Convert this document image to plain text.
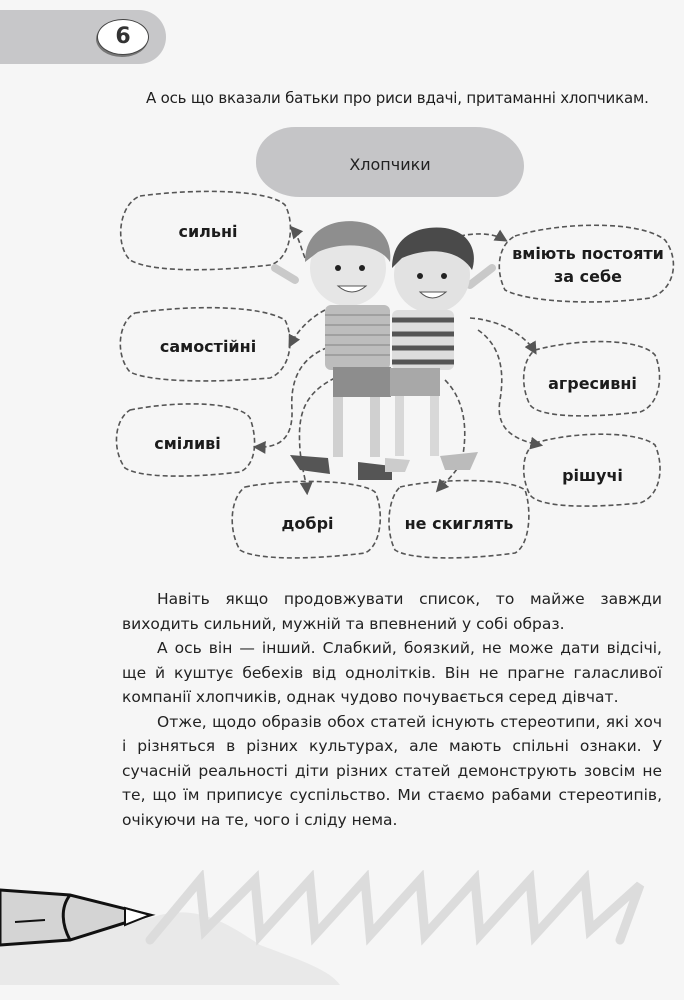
6
А ось що вказали батьки про риси вдачі, притаманні хлопчикам.
Хлопчики
сильні
вміють постояти за себе
самостійні
агресивні
сміливі
рішучі
добрі	не скиглять

Навіть якщо продовжувати список, то майже завжди виходить сильний, мужній та впевнений у собі образ.

А ось він — інший. Слабкий, боязкий, не може дати відсічі, ще й куштує бебехів від однолітків. Він не прагне галасливої компанії хлопчиків, однак чудово почувається серед дівчат.

Отже, щодо образів обох статей існують стереотипи, які хоч і різняться в різних культурах, але мають спільні ознаки. У сучасній реальності діти різних статей демонструють зовсім не те, що їм приписує суспільство. Ми стаємо рабами стереотипів, очікуючи на те, чого і сліду нема.
